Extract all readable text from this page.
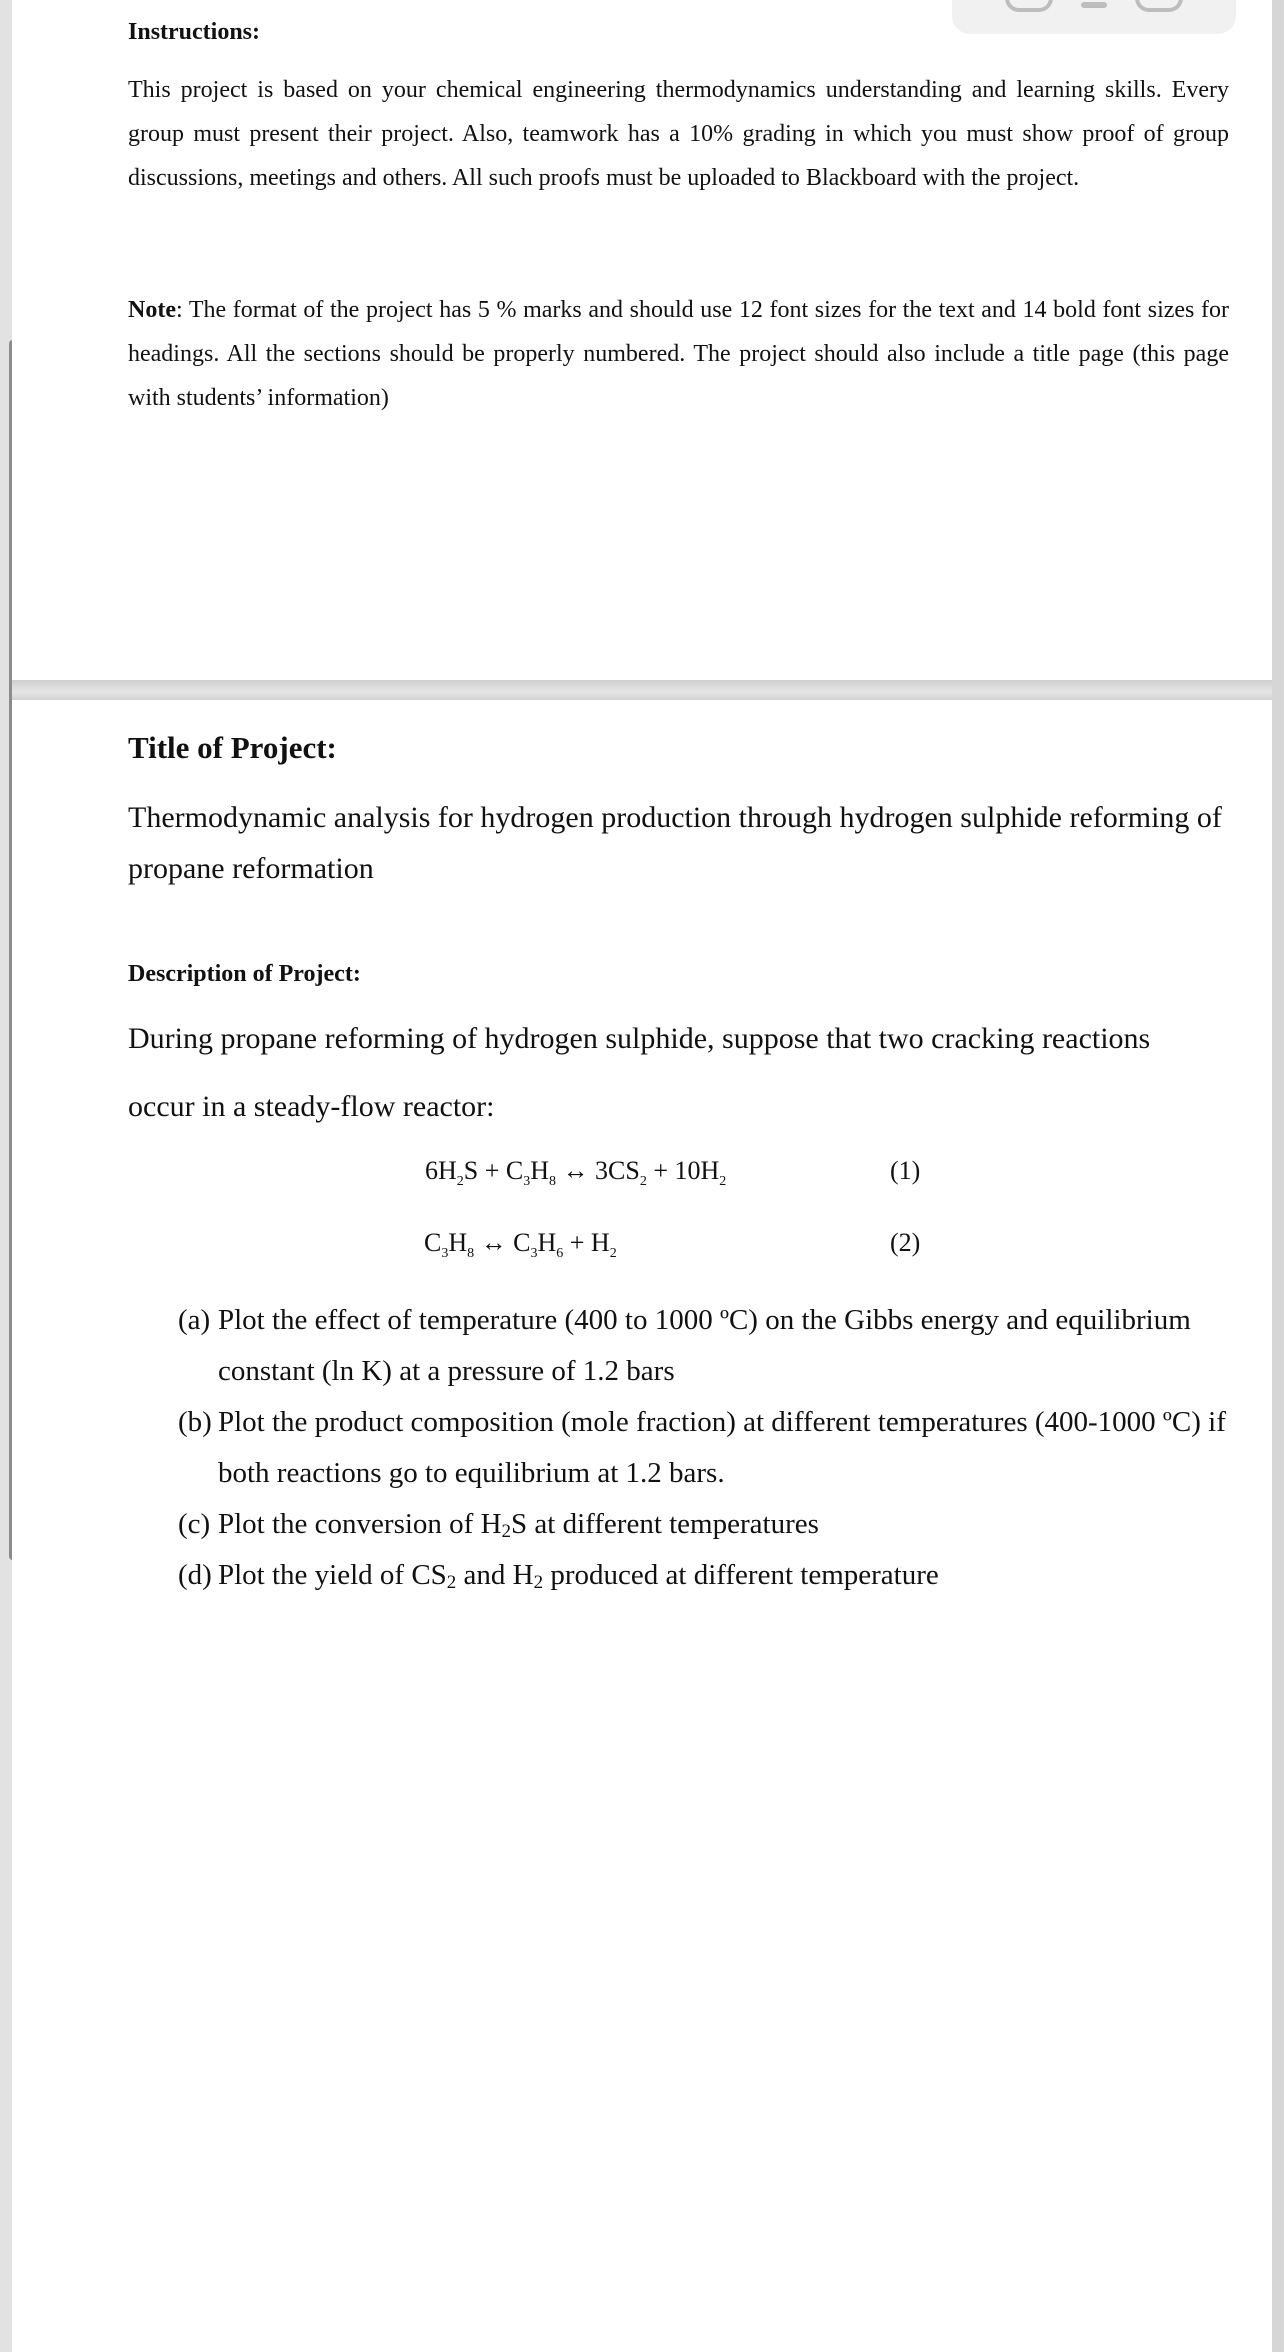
Instructions:
This project is based on your chemical engineering thermodynamics understanding and learning skills. Every group must present their project. Also, teamwork has a 10% grading in which you must show proof of group discussions, meetings and others. All such proofs must be uploaded to Blackboard with the project.
Note: The format of the project has 5 % marks and should use 12 font sizes for the text and 14 bold font sizes for headings. All the sections should be properly numbered. The project should also include a title page (this page with students’ information)
Title of Project:
Thermodynamic analysis for hydrogen production through hydrogen sulphide reforming of propane reformation
Description of Project:
During propane reforming of hydrogen sulphide, suppose that two cracking reactions occur in a steady-flow reactor:
$6H_2S + C_3H_8$ ↔ $3CS_2 + 10H_2$	(1)
$C_3H_8$ ↔ $C_3H_6 + H_2$	(2)
(a) Plot the effect of temperature (400 to 1000 ºC) on the Gibbs energy and equilibrium constant (ln K) at a pressure of 1.2 bars
(b) Plot the product composition (mole fraction) at different temperatures (400-1000 ºC) if both reactions go to equilibrium at 1.2 bars.
(c) Plot the conversion of $H_2S$ at different temperatures
(d) Plot the yield of $CS_2$ and $H_2$ produced at different temperature
